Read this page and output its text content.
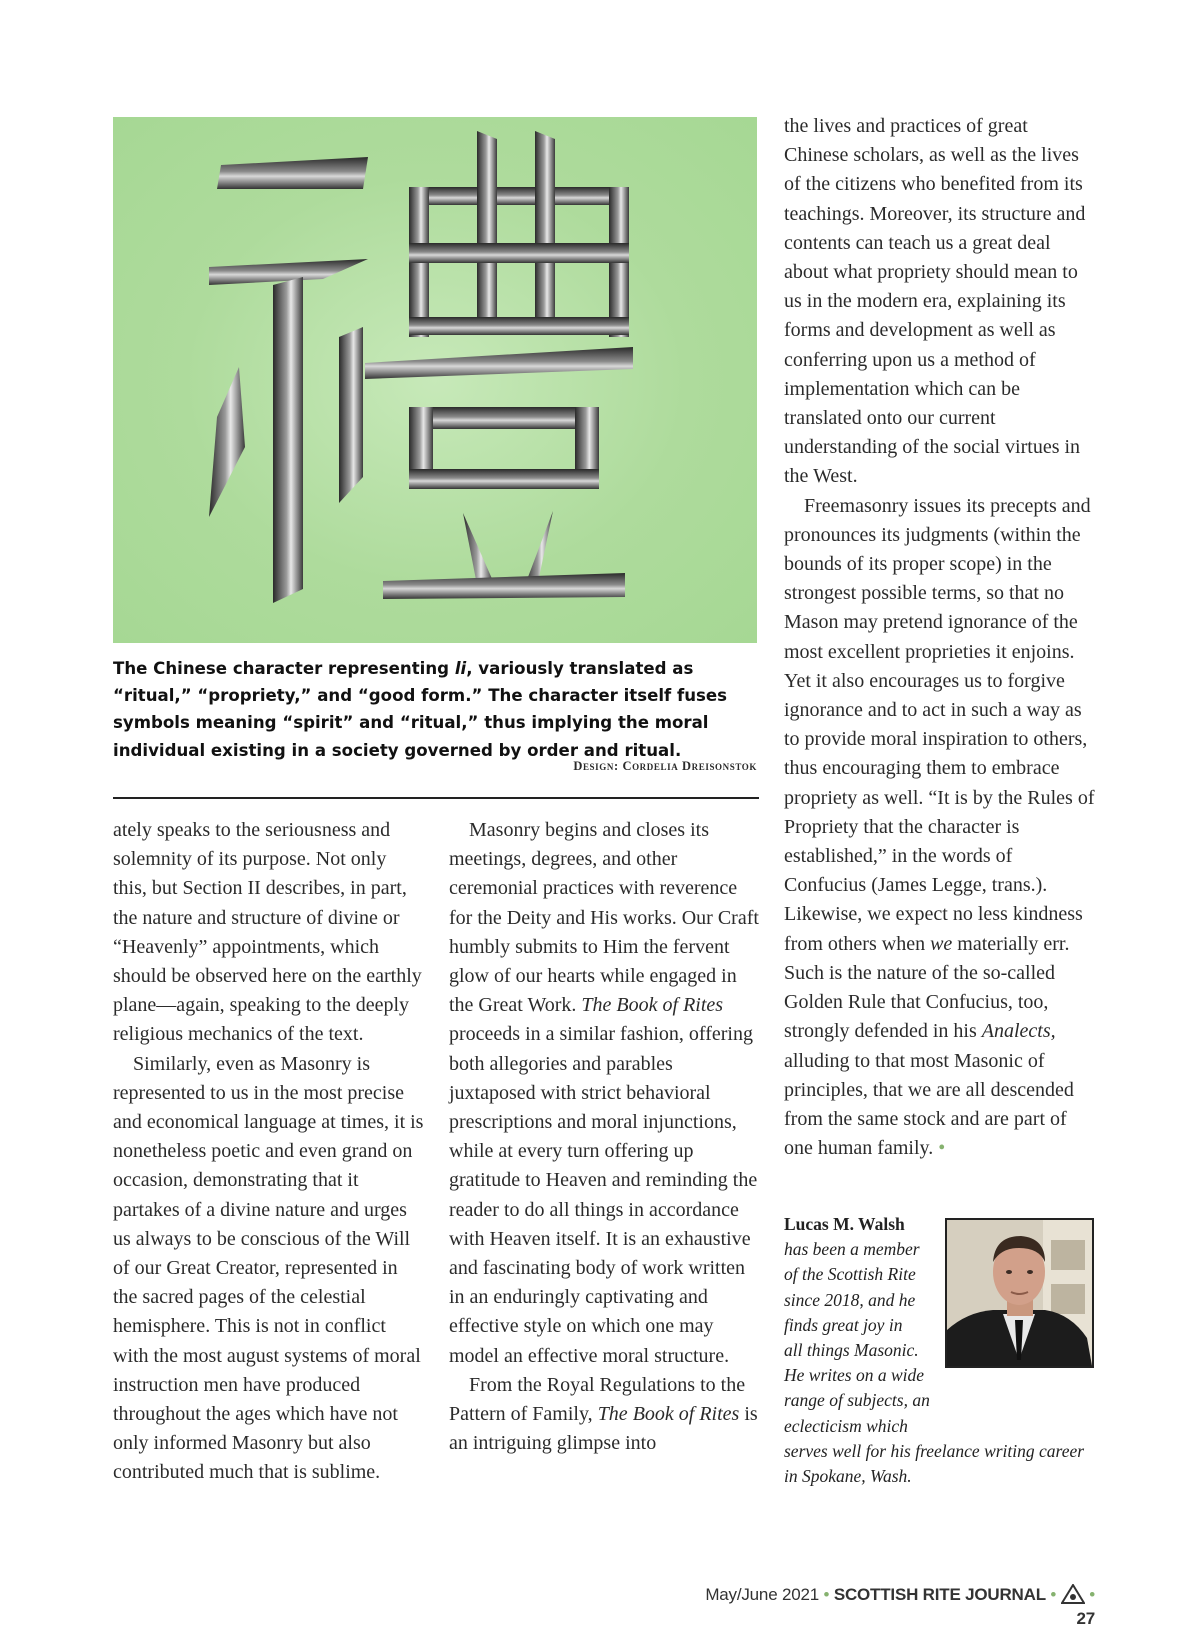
The Chinese character representing li, variously translated as “ritual,” “propriety,” and “good form.” The character itself fuses symbols meaning “spirit” and “ritual,” thus implying the moral individual existing in a society governed by order and ritual.
Design: Cordelia Dreisonstok

ately speaks to the seriousness and solemnity of its purpose. Not only this, but Section II describes, in part, the nature and structure of divine or “Heavenly” appointments, which should be observed here on the earthly plane—again, speaking to the deeply religious mechanics of the text.

Similarly, even as Masonry is represented to us in the most precise and economical language at times, it is nonetheless poetic and even grand on occasion, demonstrating that it partakes of a divine nature and urges us always to be conscious of the Will of our Great Creator, represented in the sacred pages of the celestial hemisphere. This is not in conflict with the most august systems of moral instruction men have produced throughout the ages which have not only informed Masonry but also contributed much that is sublime.

Masonry begins and closes its meetings, degrees, and other ceremonial practices with reverence for the Deity and His works. Our Craft humbly submits to Him the fervent glow of our hearts while engaged in the Great Work. The Book of Rites proceeds in a similar fashion, offering both allegories and parables juxtaposed with strict behavioral prescriptions and moral injunctions, while at every turn offering up gratitude to Heaven and reminding the reader to do all things in accordance with Heaven itself. It is an exhaustive and fascinating body of work written in an enduringly captivating and effective style on which one may model an effective moral structure.

From the Royal Regulations to the Pattern of Family, The Book of Rites is an intriguing glimpse into

the lives and practices of great Chinese scholars, as well as the lives of the citizens who benefited from its teachings. Moreover, its structure and contents can teach us a great deal about what propriety should mean to us in the modern era, explaining its forms and development as well as conferring upon us a method of implementation which can be translated onto our current understanding of the social virtues in the West.

Freemasonry issues its precepts and pronounces its judgments (within the bounds of its proper scope) in the strongest possible terms, so that no Mason may pretend ignorance of the most excellent proprieties it enjoins. Yet it also encourages us to forgive ignorance and to act in such a way as to provide moral inspiration to others, thus encouraging them to embrace propriety as well. “It is by the Rules of Propriety that the character is established,” in the words of Confucius (James Legge, trans.). Likewise, we expect no less kindness from others when we materially err. Such is the nature of the so-called Golden Rule that Confucius, too, strongly defended in his Analects, alluding to that most Masonic of principles, that we are all descended from the same stock and are part of one human family. •

Lucas M. Walsh
has been a member
of the Scottish Rite
since 2018, and he
finds great joy in
all things Masonic.
He writes on a wide
range of subjects, an
eclecticism which
serves well for his freelance writing career
in Spokane, Wash.
May/June 2021 • SCOTTISH RITE JOURNAL •  • 27
